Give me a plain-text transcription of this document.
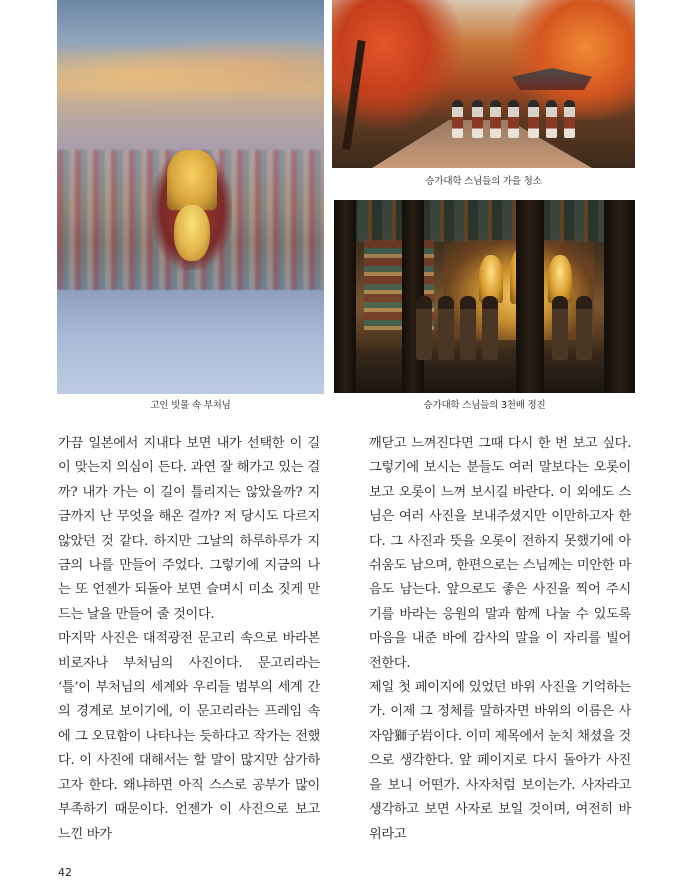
고인 빗물 속 부처님
승가대학 스님들의 가을 청소
승가대학 스님들의 3천배 정진

가끔 일본에서 지내다 보면 내가 선택한 이 길이 맞는지 의심이 든다. 과연 잘 해가고 있는 걸까? 내가 가는 이 길이 틀리지는 않았을까? 지금까지 난 무엇을 해온 걸까? 저 당시도 다르지 않았던 것 같다. 하지만 그날의 하루하루가 지금의 나를 만들어 주었다. 그렇기에 지금의 나는 또 언젠가 되돌아 보면 슬며시 미소 짓게 만드는 날을 만들어 줄 것이다.

마지막 사진은 대적광전 문고리 속으로 바라본 비로자나 부처님의 사진이다. 문고리라는 ‘틀’이 부처님의 세계와 우리들 범부의 세계 간의 경계로 보이기에, 이 문고리라는 프레임 속에 그 오묘함이 나타나는 듯하다고 작가는 전했다. 이 사진에 대해서는 할 말이 많지만 삼가하고자 한다. 왜냐하면 아직 스스로 공부가 많이 부족하기 때문이다. 언젠가 이 사진으로 보고 느낀 바가

깨닫고 느껴진다면 그때 다시 한 번 보고 싶다. 그렇기에 보시는 분들도 여러 말보다는 오롯이 보고 오롯이 느껴 보시길 바란다. 이 외에도 스님은 여러 사진을 보내주셨지만 이만하고자 한다. 그 사진과 뜻을 오롯이 전하지 못했기에 아쉬움도 남으며, 한편으로는 스님께는 미안한 마음도 남는다. 앞으로도 좋은 사진을 찍어 주시기를 바라는 응원의 말과 함께 나눌 수 있도록 마음을 내준 바에 감사의 말을 이 자리를 빌어 전한다.

제일 첫 페이지에 있었던 바위 사진을 기억하는가. 이제 그 정체를 말하자면 바위의 이름은 사자암獅子岩이다. 이미 제목에서 눈치 채셨을 것으로 생각한다. 앞 페이지로 다시 돌아가 사진을 보니 어떤가. 사자처럼 보이는가. 사자라고 생각하고 보면 사자로 보일 것이며, 여전히 바위라고

42
